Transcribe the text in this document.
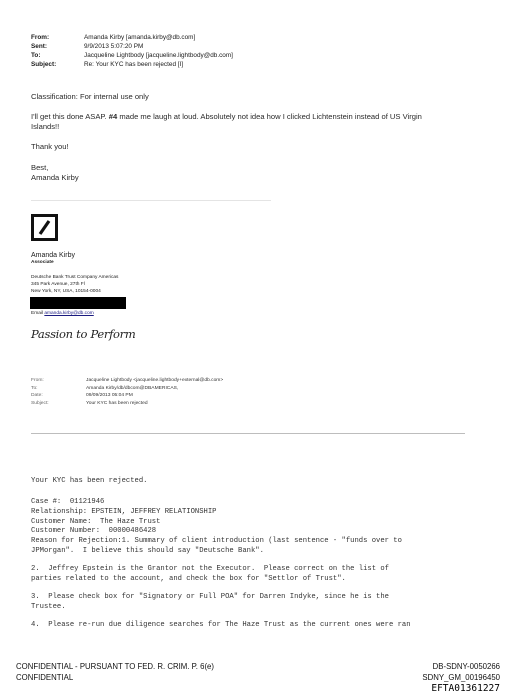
From:	Amanda Kirby [amanda.kirby@db.com]
Sent:	9/9/2013 5:07:20 PM
To:	Jacqueline Lightbody [jacqueline.lightbody@db.com]
Subject:	Re: Your KYC has been rejected [I]
Classification: For internal use only
I'll get this done ASAP. #4 made me laugh at loud. Absolutely not idea how I clicked Lichtenstein instead of US Virgin
Islands!!
Thank you!
Best,
Amanda Kirby
Amanda Kirby
Associate
Deutsche Bank Trust Company Americas
345 Park Avenue, 27th Fl
New York, NY, USA, 10154-0004
Email amanda.kirby@db.com
Passion to Perform
From:	Jacqueline Lightbody <jacqueline.lightbody+external@db.com>
To:	Amanda Kirby/db/dbcom@DBAMERICAS,
Date:	09/09/2013 05:04 PM
Subject:	Your KYC has been rejected
Your KYC has been rejected.
Case #:  01121946
Relationship: EPSTEIN, JEFFREY RELATIONSHIP
Customer Name:  The Haze Trust
Customer Number:  00000486428
Reason for Rejection:1. Summary of client introduction (last sentence - "funds over to
JPMorgan".  I believe this should say "Deutsche Bank".
2.  Jeffrey Epstein is the Grantor not the Executor.  Please correct on the list of
parties related to the account, and check the box for "Settlor of Trust".
3.  Please check box for "Signatory or Full POA" for Darren Indyke, since he is the
Trustee.
4.  Please re-run due diligence searches for The Haze Trust as the current ones were ran
CONFIDENTIAL - PURSUANT TO FED. R. CRIM. P. 6(e)
CONFIDENTIAL
DB-SDNY-0050266
SDNY_GM_00196450
EFTA01361227
